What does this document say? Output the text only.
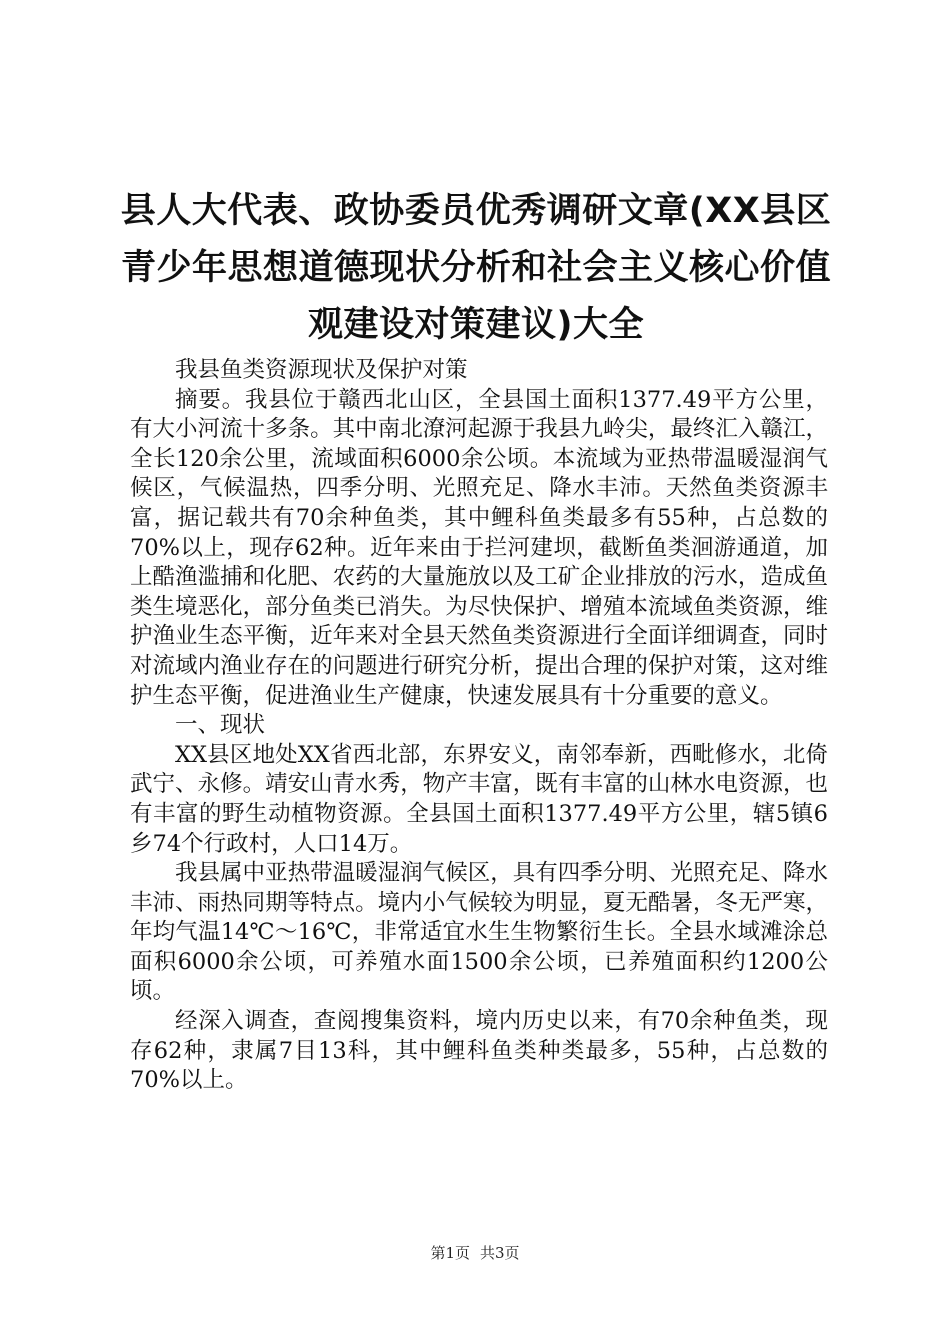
县人大代表、政协委员优秀调研文章(XX县区青少年思想道德现状分析和社会主义核心价值观建设对策建议)大全

我县鱼类资源现状及保护对策

摘要。我县位于赣西北山区，全县国土面积1377.49平方公里，有大小河流十多条。其中南北潦河起源于我县九岭尖，最终汇入赣江，全长120余公里，流域面积6000余公顷。本流域为亚热带温暖湿润气候区，气候温热，四季分明、光照充足、降水丰沛。天然鱼类资源丰富，据记载共有70余种鱼类，其中鲤科鱼类最多有55种，占总数的70%以上，现存62种。近年来由于拦河建坝，截断鱼类洄游通道，加上酷渔滥捕和化肥、农药的大量施放以及工矿企业排放的污水，造成鱼类生境恶化，部分鱼类已消失。为尽快保护、增殖本流域鱼类资源，维护渔业生态平衡，近年来对全县天然鱼类资源进行全面详细调查，同时对流域内渔业存在的问题进行研究分析，提出合理的保护对策，这对维护生态平衡，促进渔业生产健康，快速发展具有十分重要的意义。

一、现状

XX县区地处XX省西北部，东界安义，南邻奉新，西毗修水，北倚武宁、永修。靖安山青水秀，物产丰富，既有丰富的山林水电资源，也有丰富的野生动植物资源。全县国土面积1377.49平方公里，辖5镇6乡74个行政村，人口14万。

我县属中亚热带温暖湿润气候区，具有四季分明、光照充足、降水丰沛、雨热同期等特点。境内小气候较为明显，夏无酷暑，冬无严寒，年均气温14℃～16℃，非常适宜水生生物繁衍生长。全县水域滩涂总面积6000余公顷，可养殖水面1500余公顷，已养殖面积约1200公顷。

经深入调查，查阅搜集资料，境内历史以来，有70余种鱼类，现存62种，隶属7目13科，其中鲤科鱼类种类最多，55种，占总数的70%以上。

第1页 共3页
